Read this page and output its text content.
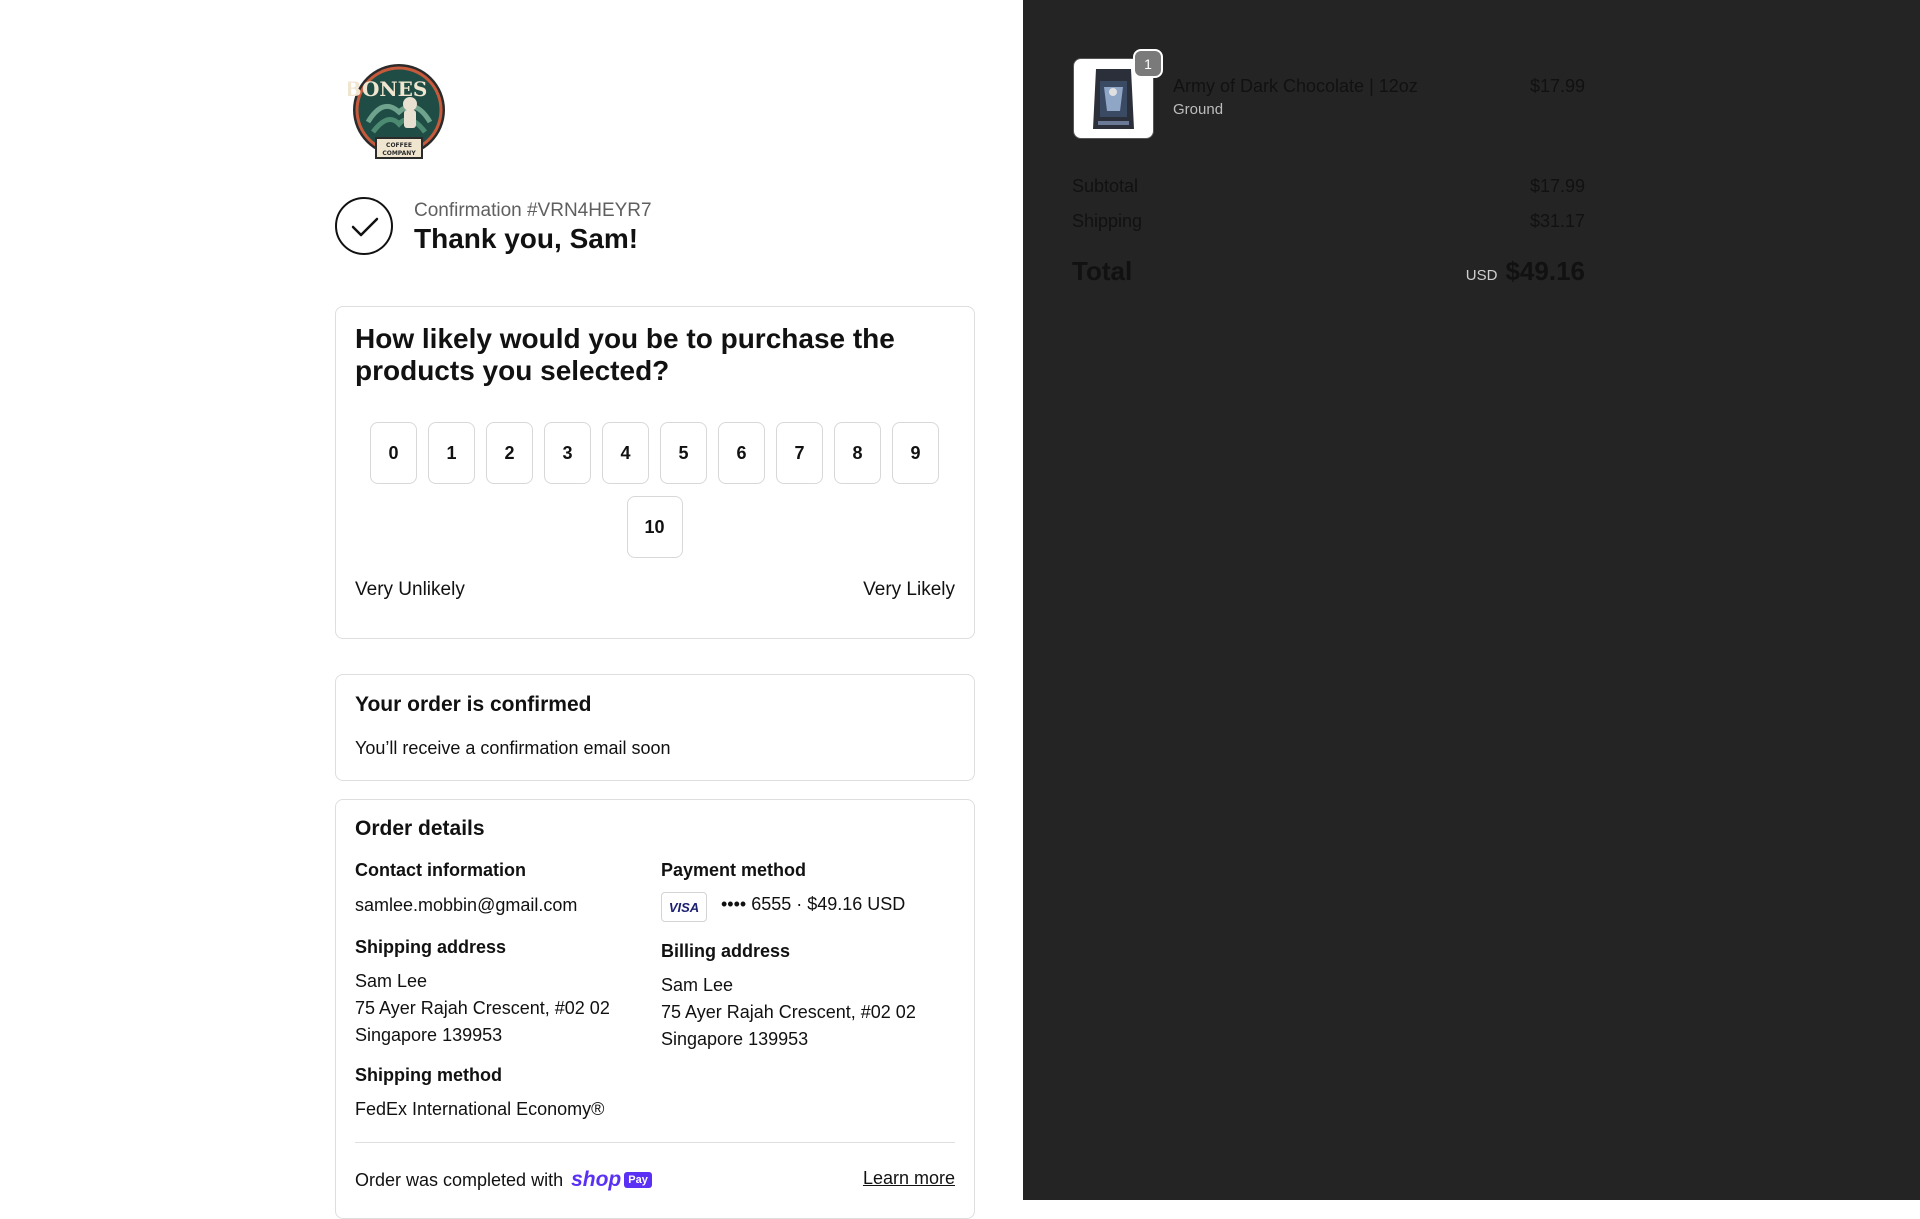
BONES
COFFEE
COMPANY
Confirmation #VRN4HEYR7
Thank you, Sam!
How likely would you be to purchase the products you selected?
0	1	2	3	4	5	6	7	8	9
10
Very Unlikely	Very Likely
Your order is confirmed

You’ll receive a confirmation email soon

Order details
Contact information
samlee.mobbin@gmail.com
Shipping address
Sam Lee
75 Ayer Rajah Crescent, #02 02
Singapore 139953
Shipping method
FedEx International Economy®
Payment method
VISA	•••• 6555 · $49.16 USD
Billing address
Sam Lee
75 Ayer Rajah Crescent, #02 02
Singapore 139953
Order was completed with shop Pay	Learn more
1
Army of Dark Chocolate | 12oz
Ground
$17.99
Subtotal	$17.99
Shipping	$31.17
Total	USD $49.16
